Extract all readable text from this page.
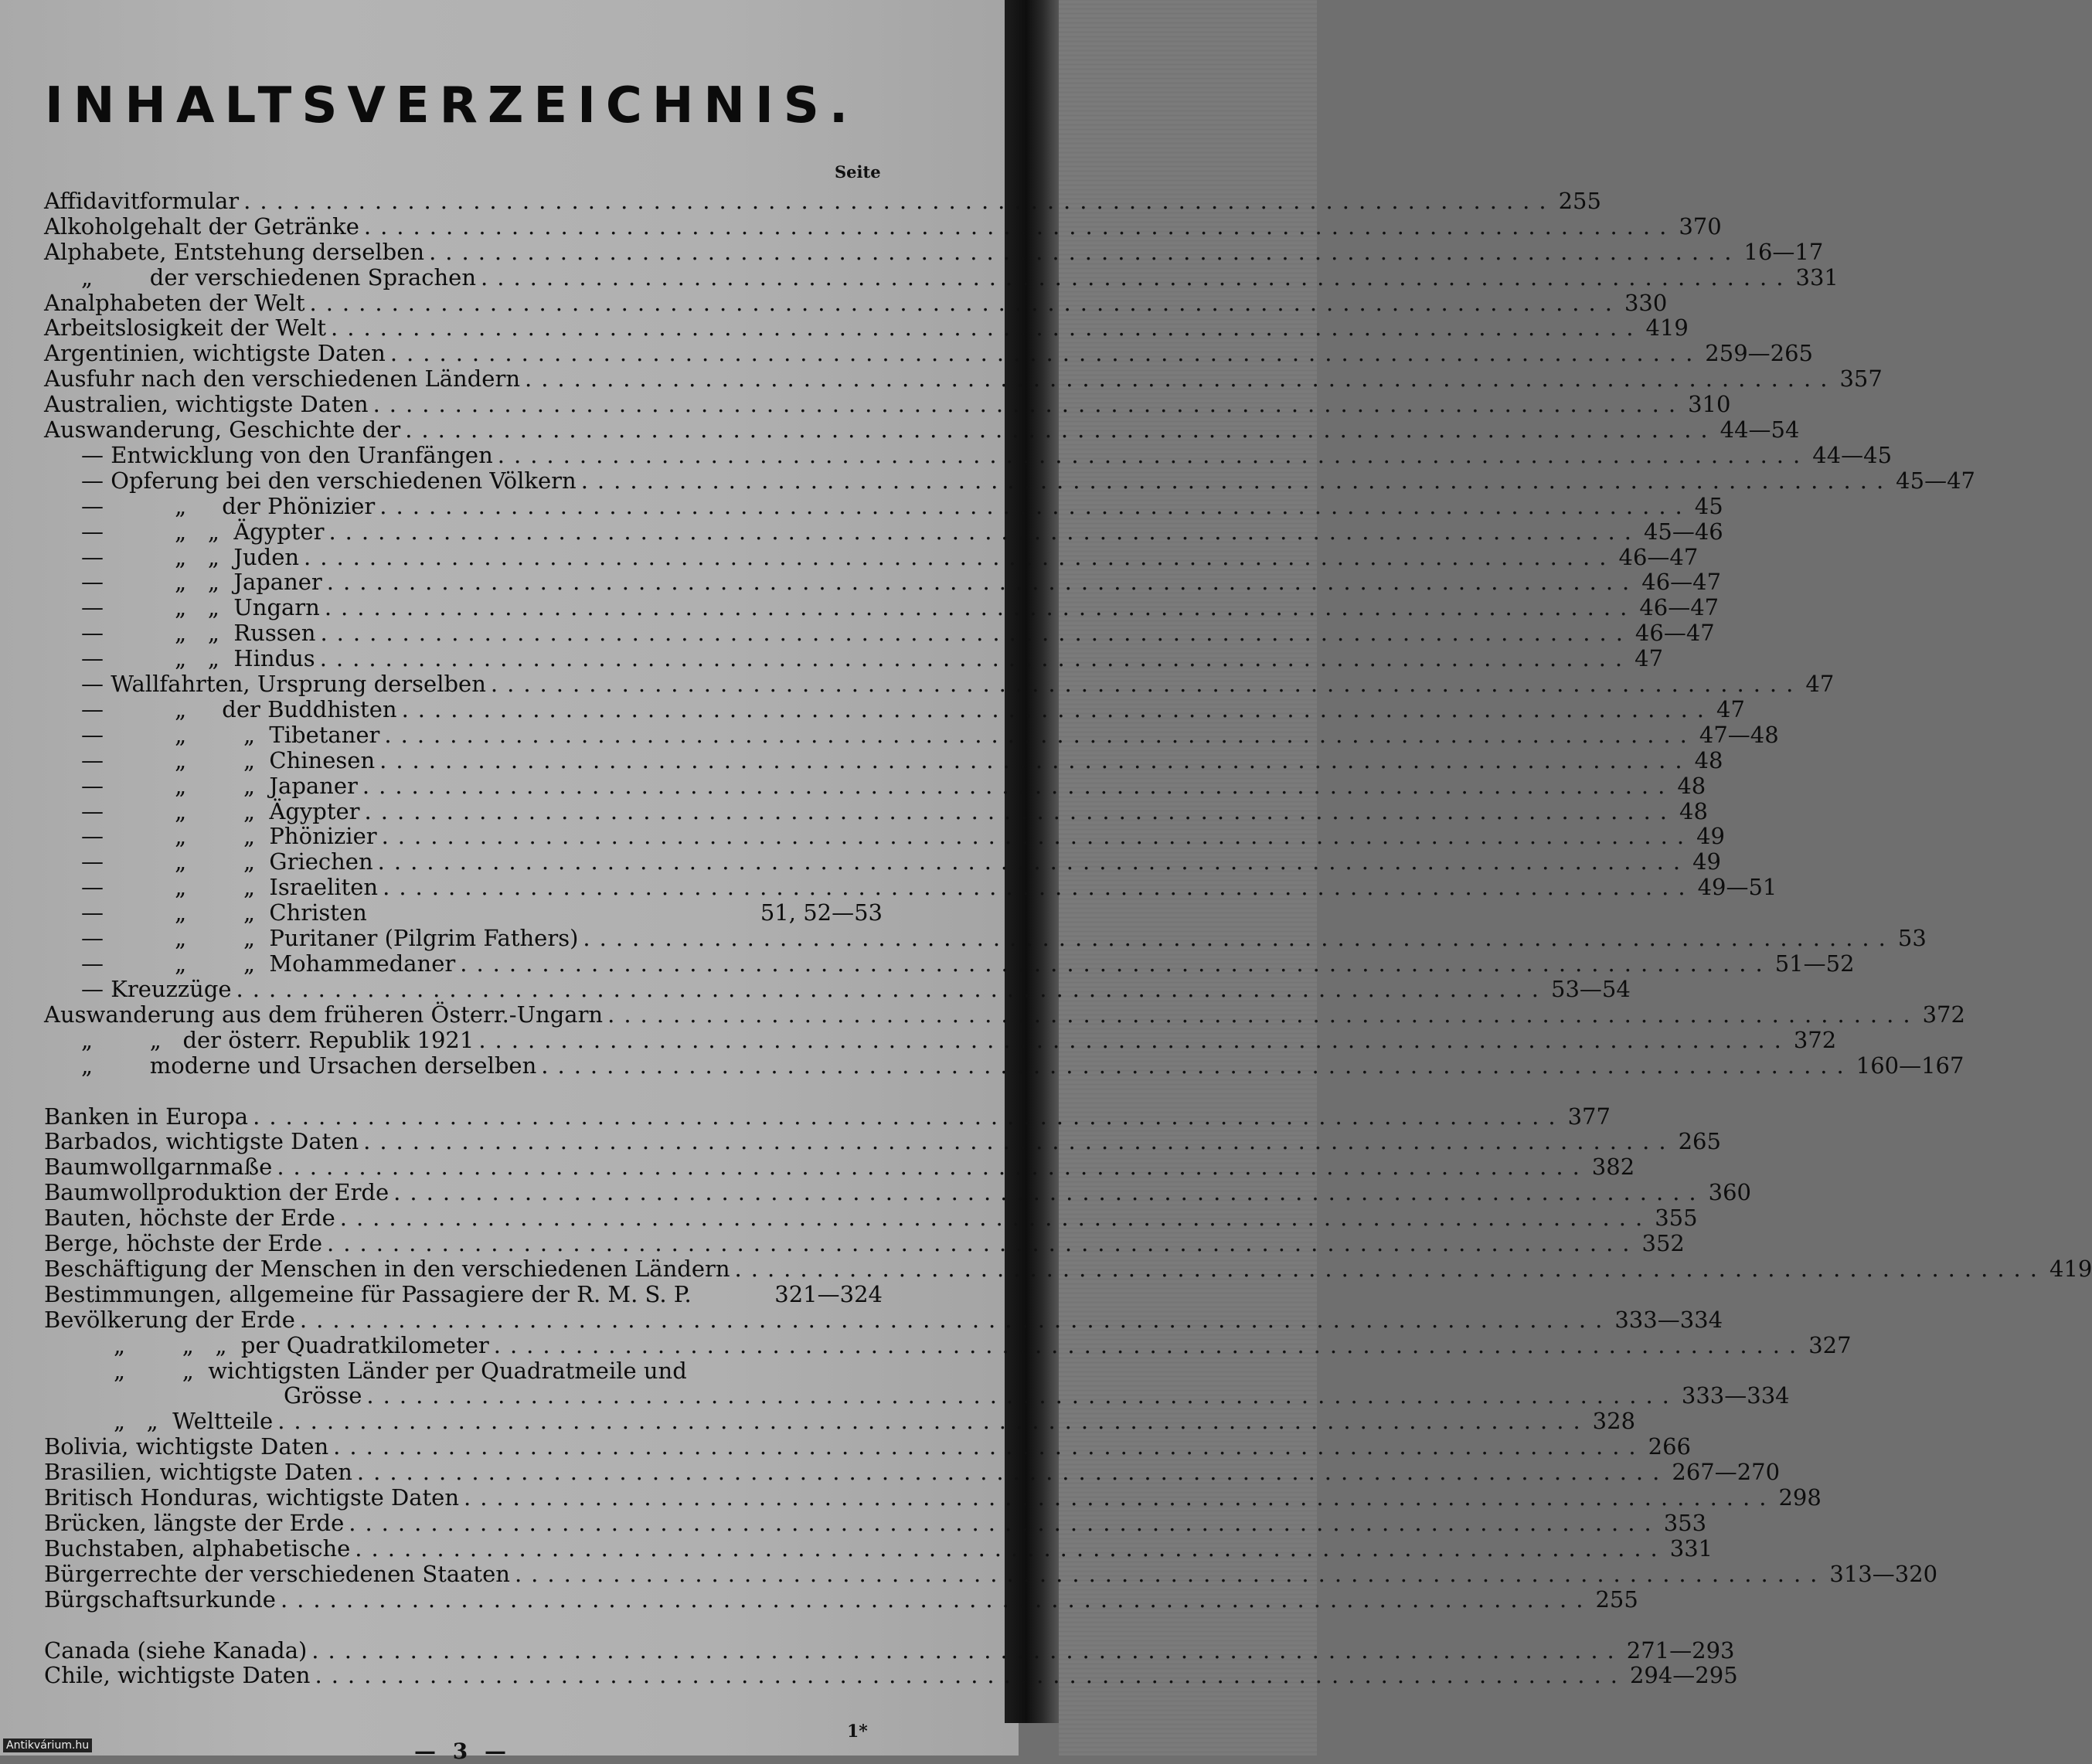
INHALTSVERZEICHNIS.
Seite
Affidavitformular ................................................................................ 255
Alkoholgehalt der Getränke ................................................................................ 370
Alphabete, Entstehung derselben ................................................................................ 16—17
„        der verschiedenen Sprachen ................................................................................ 331
Analphabeten der Welt ................................................................................ 330
Arbeitslosigkeit der Welt ................................................................................ 419
Argentinien, wichtigste Daten ................................................................................ 259—265
Ausfuhr nach den verschiedenen Ländern ................................................................................ 357
Australien, wichtigste Daten ................................................................................ 310
Auswanderung, Geschichte der ................................................................................ 44—54
— Entwicklung von den Uranfängen ................................................................................ 44—45
— Opferung bei den verschiedenen Völkern ................................................................................ 45—47
—          „     der Phönizier ................................................................................ 45
—          „   „  Ägypter ................................................................................ 45—46
—          „   „  Juden ................................................................................ 46—47
—          „   „  Japaner ................................................................................ 46—47
—          „   „  Ungarn ................................................................................ 46—47
—          „   „  Russen ................................................................................ 46—47
—          „   „  Hindus ................................................................................ 47
— Wallfahrten, Ursprung derselben ................................................................................ 47
—          „     der Buddhisten ................................................................................ 47
—          „        „  Tibetaner ................................................................................ 47—48
—          „        „  Chinesen ................................................................................ 48
—          „        „  Japaner ................................................................................ 48
—          „        „  Ägypter ................................................................................ 48
—          „        „  Phönizier ................................................................................ 49
—          „        „  Griechen ................................................................................ 49
—          „        „  Israeliten ................................................................................ 49—51
—          „        „  Christen	51, 52—53
—          „        „  Puritaner (Pilgrim Fathers) ................................................................................ 53
—          „        „  Mohammedaner ................................................................................ 51—52
— Kreuzzüge ................................................................................ 53—54
Auswanderung aus dem früheren Österr.-Ungarn ................................................................................ 372
„        „   der österr. Republik 1921 ................................................................................ 372
„        moderne und Ursachen derselben ................................................................................ 160—167
Banken in Europa ................................................................................ 377
Barbados, wichtigste Daten ................................................................................ 265
Baumwollgarnmaße ................................................................................ 382
Baumwollproduktion der Erde ................................................................................ 360
Bauten, höchste der Erde ................................................................................ 355
Berge, höchste der Erde ................................................................................ 352
Beschäftigung der Menschen in den verschiedenen Ländern ................................................................................ 419
Bestimmungen, allgemeine für Passagiere der R. M. S. P.	321—324
Bevölkerung der Erde ................................................................................ 333—334
„        „   „  per Quadratkilometer ................................................................................ 327
„        „  wichtigsten Länder per Quadratmeile und
Grösse ................................................................................ 333—334
„   „  Weltteile ................................................................................ 328
Bolivia, wichtigste Daten ................................................................................ 266
Brasilien, wichtigste Daten ................................................................................ 267—270
Britisch Honduras, wichtigste Daten ................................................................................ 298
Brücken, längste der Erde ................................................................................ 353
Buchstaben, alphabetische ................................................................................ 331
Bürgerrechte der verschiedenen Staaten ................................................................................ 313—320
Bürgschaftsurkunde ................................................................................ 255
Canada (siehe Kanada) ................................................................................ 271—293
Chile, wichtigste Daten ................................................................................ 294—295
1*
— 3 —
Antikvárium.hu
